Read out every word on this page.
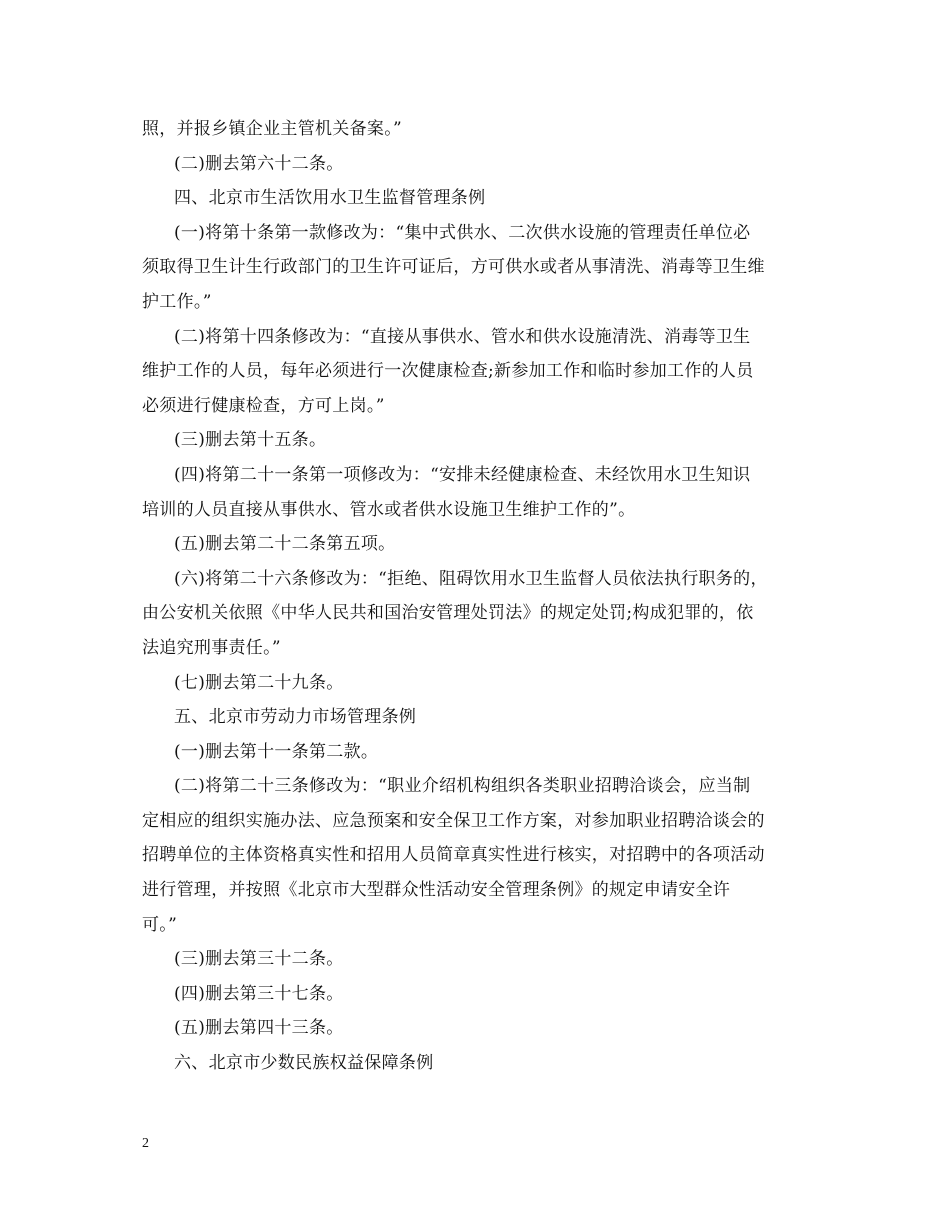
照，并报乡镇企业主管机关备案。”
(二)删去第六十二条。
四、北京市生活饮用水卫生监督管理条例
(一)将第十条第一款修改为：“集中式供水、二次供水设施的管理责任单位必
须取得卫生计生行政部门的卫生许可证后，方可供水或者从事清洗、消毒等卫生维
护工作。”
(二)将第十四条修改为：“直接从事供水、管水和供水设施清洗、消毒等卫生
维护工作的人员，每年必须进行一次健康检查;新参加工作和临时参加工作的人员
必须进行健康检查，方可上岗。”
(三)删去第十五条。
(四)将第二十一条第一项修改为：“安排未经健康检查、未经饮用水卫生知识
培训的人员直接从事供水、管水或者供水设施卫生维护工作的”。
(五)删去第二十二条第五项。
(六)将第二十六条修改为：“拒绝、阻碍饮用水卫生监督人员依法执行职务的，
由公安机关依照《中华人民共和国治安管理处罚法》的规定处罚;构成犯罪的，依
法追究刑事责任。”
(七)删去第二十九条。
五、北京市劳动力市场管理条例
(一)删去第十一条第二款。
(二)将第二十三条修改为：“职业介绍机构组织各类职业招聘洽谈会，应当制
定相应的组织实施办法、应急预案和安全保卫工作方案，对参加职业招聘洽谈会的
招聘单位的主体资格真实性和招用人员简章真实性进行核实，对招聘中的各项活动
进行管理，并按照《北京市大型群众性活动安全管理条例》的规定申请安全许
可。”
(三)删去第三十二条。
(四)删去第三十七条。
(五)删去第四十三条。
六、北京市少数民族权益保障条例
2
